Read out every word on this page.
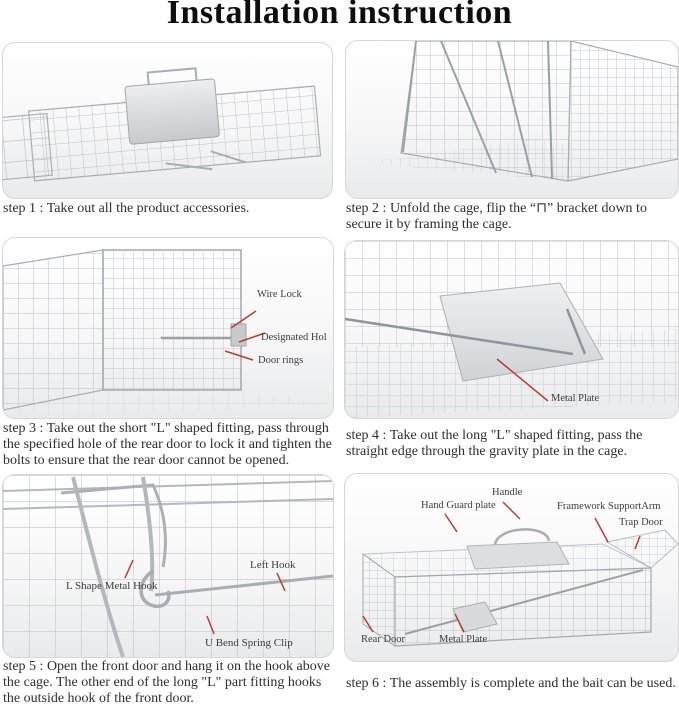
Installation instruction

step 1 : Take out all the product accessories.	step 2 : Unfold the cage, flip the “⊓” bracket down to secure it by framing the cage.

Wire Lock
Designated Hol
Door rings

step 3 : Take out the short "L" shaped fitting, pass through the specified hole of the rear door to lock it and tighten the bolts to ensure that the rear door cannot be opened.

Metal Plate

step 4 : Take out the long "L" shaped fitting, pass the straight edge through the gravity plate in the cage.

L Shape Metal Hook
Left Hook
U Bend Spring Clip

step 5 : Open the front door and hang it on the hook above the cage. The other end of the long "L" part fitting hooks the outside hook of the front door.

Hand Guard plate
Handle
Framework SupportArm
Trap Door
Rear Door	Metal Plate

step 6 : The assembly is complete and the bait can be used.
